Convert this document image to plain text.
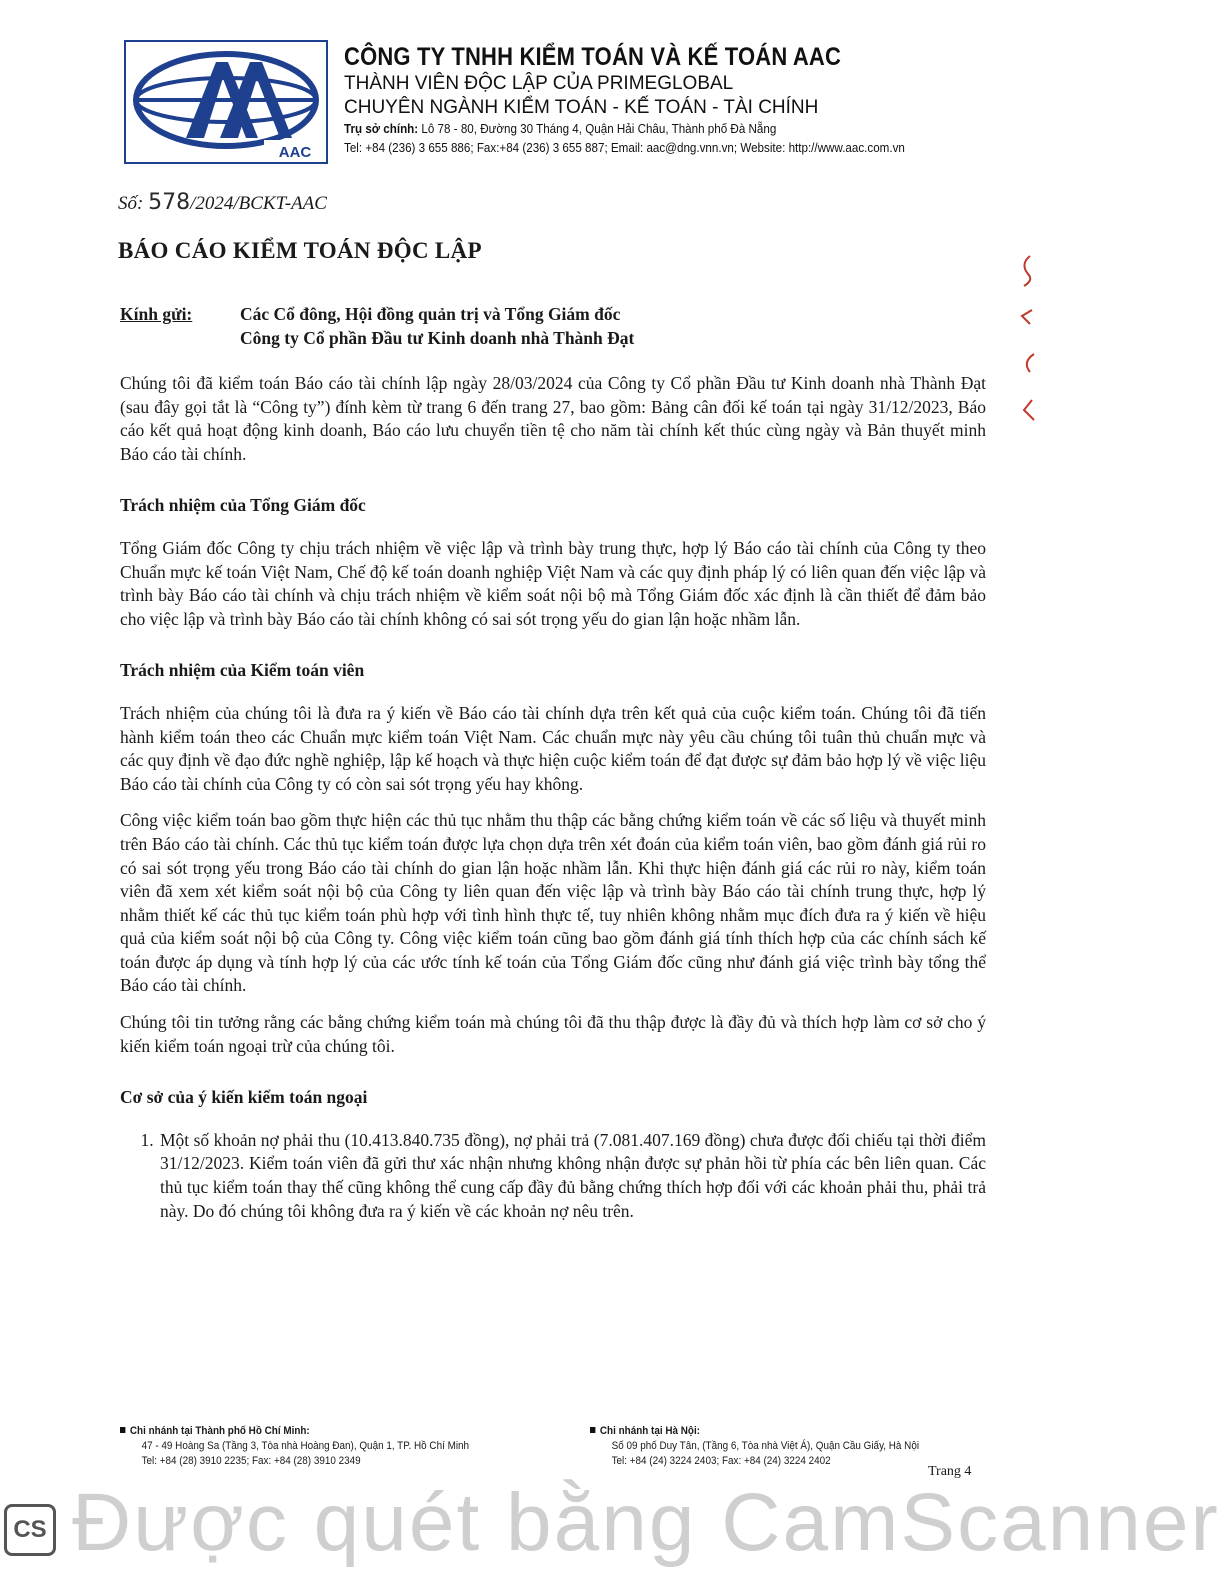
AAC
CÔNG TY TNHH KIỂM TOÁN VÀ KẾ TOÁN AAC
THÀNH VIÊN ĐỘC LẬP CỦA PRIMEGLOBAL
CHUYÊN NGÀNH KIỂM TOÁN - KẾ TOÁN - TÀI CHÍNH
Trụ sở chính: Lô 78 - 80, Đường 30 Tháng 4, Quận Hải Châu, Thành phố Đà Nẵng
Tel: +84 (236) 3 655 886; Fax:+84 (236) 3 655 887; Email: aac@dng.vnn.vn; Website: http://www.aac.com.vn
Số: 578/2024/BCKT-AAC
BÁO CÁO KIỂM TOÁN ĐỘC LẬP
Kính gửi:	Các Cổ đông, Hội đồng quản trị và Tổng Giám đốc
Công ty Cổ phần Đầu tư Kinh doanh nhà Thành Đạt

Chúng tôi đã kiểm toán Báo cáo tài chính lập ngày 28/03/2024 của Công ty Cổ phần Đầu tư Kinh doanh nhà Thành Đạt (sau đây gọi tắt là “Công ty”) đính kèm từ trang 6 đến trang 27, bao gồm: Bảng cân đối kế toán tại ngày 31/12/2023, Báo cáo kết quả hoạt động kinh doanh, Báo cáo lưu chuyển tiền tệ cho năm tài chính kết thúc cùng ngày và Bản thuyết minh Báo cáo tài chính.

Trách nhiệm của Tổng Giám đốc

Tổng Giám đốc Công ty chịu trách nhiệm về việc lập và trình bày trung thực, hợp lý Báo cáo tài chính của Công ty theo Chuẩn mực kế toán Việt Nam, Chế độ kế toán doanh nghiệp Việt Nam và các quy định pháp lý có liên quan đến việc lập và trình bày Báo cáo tài chính và chịu trách nhiệm về kiểm soát nội bộ mà Tổng Giám đốc xác định là cần thiết để đảm bảo cho việc lập và trình bày Báo cáo tài chính không có sai sót trọng yếu do gian lận hoặc nhầm lẫn.

Trách nhiệm của Kiểm toán viên

Trách nhiệm của chúng tôi là đưa ra ý kiến về Báo cáo tài chính dựa trên kết quả của cuộc kiểm toán. Chúng tôi đã tiến hành kiểm toán theo các Chuẩn mực kiểm toán Việt Nam. Các chuẩn mực này yêu cầu chúng tôi tuân thủ chuẩn mực và các quy định về đạo đức nghề nghiệp, lập kế hoạch và thực hiện cuộc kiểm toán để đạt được sự đảm bảo hợp lý về việc liệu Báo cáo tài chính của Công ty có còn sai sót trọng yếu hay không.

Công việc kiểm toán bao gồm thực hiện các thủ tục nhằm thu thập các bằng chứng kiểm toán về các số liệu và thuyết minh trên Báo cáo tài chính. Các thủ tục kiểm toán được lựa chọn dựa trên xét đoán của kiểm toán viên, bao gồm đánh giá rủi ro có sai sót trọng yếu trong Báo cáo tài chính do gian lận hoặc nhầm lẫn. Khi thực hiện đánh giá các rủi ro này, kiểm toán viên đã xem xét kiểm soát nội bộ của Công ty liên quan đến việc lập và trình bày Báo cáo tài chính trung thực, hợp lý nhằm thiết kế các thủ tục kiểm toán phù hợp với tình hình thực tế, tuy nhiên không nhằm mục đích đưa ra ý kiến về hiệu quả của kiểm soát nội bộ của Công ty. Công việc kiểm toán cũng bao gồm đánh giá tính thích hợp của các chính sách kế toán được áp dụng và tính hợp lý của các ước tính kế toán của Tổng Giám đốc cũng như đánh giá việc trình bày tổng thể Báo cáo tài chính.

Chúng tôi tin tưởng rằng các bằng chứng kiểm toán mà chúng tôi đã thu thập được là đầy đủ và thích hợp làm cơ sở cho ý kiến kiểm toán ngoại trừ của chúng tôi.

Cơ sở của ý kiến kiểm toán ngoại
1. Một số khoản nợ phải thu (10.413.840.735 đồng), nợ phải trả (7.081.407.169 đồng) chưa được đối chiếu tại thời điểm 31/12/2023. Kiểm toán viên đã gửi thư xác nhận nhưng không nhận được sự phản hồi từ phía các bên liên quan. Các thủ tục kiểm toán thay thế cũng không thể cung cấp đầy đủ bằng chứng thích hợp đối với các khoản phải thu, phải trả này. Do đó chúng tôi không đưa ra ý kiến về các khoản nợ nêu trên.
Chi nhánh tại Thành phố Hồ Chí Minh:
47 - 49 Hoàng Sa (Tầng 3, Tòa nhà Hoàng Đan), Quận 1, TP. Hồ Chí Minh
Tel: +84 (28) 3910 2235; Fax: +84 (28) 3910 2349
Chi nhánh tại Hà Nội:
Số 09 phố Duy Tân, (Tầng 6, Tòa nhà Việt Á), Quận Cầu Giấy, Hà Nội
Tel: +84 (24) 3224 2403; Fax: +84 (24) 3224 2402
Trang 4
CS Được quét bằng CamScanner
